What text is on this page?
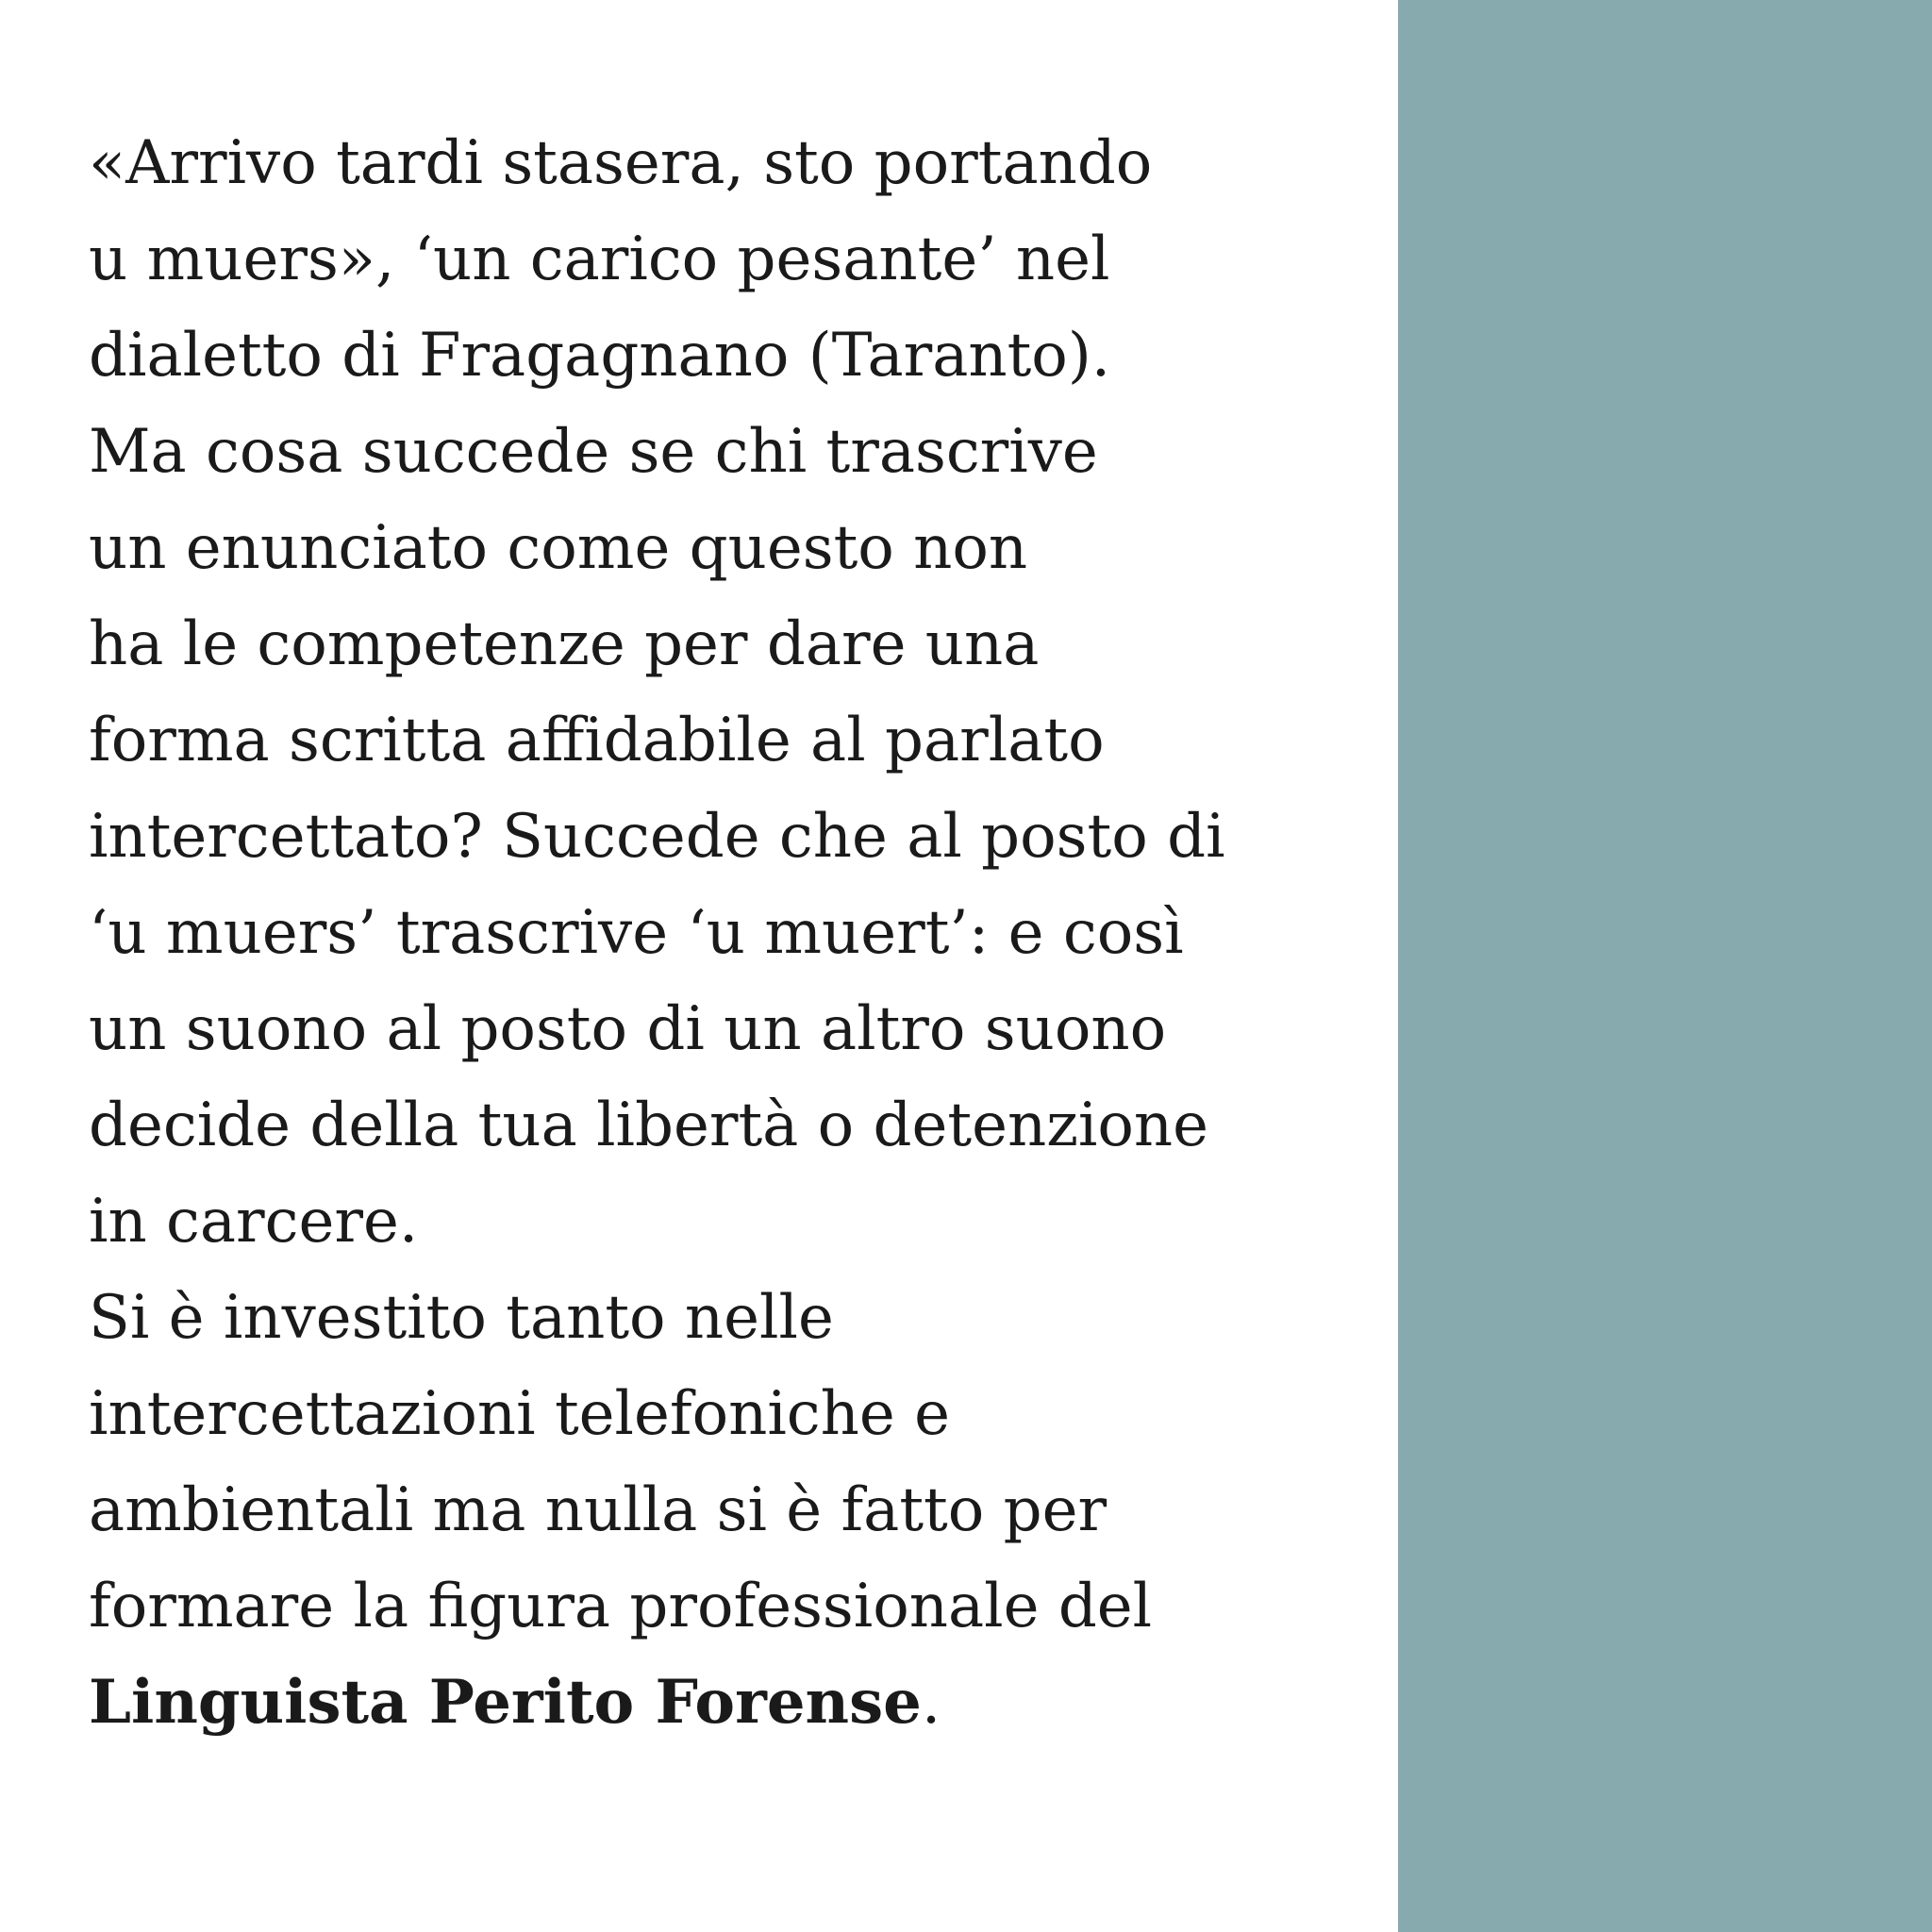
«Arrivo tardi stasera, sto portando
u muers», ‘un carico pesante’ nel
dialetto di Fragagnano (Taranto).
Ma cosa succede se chi trascrive
un enunciato come questo non
ha le competenze per dare una
forma scritta affidabile al parlato
intercettato? Succede che al posto di
‘u muers’ trascrive ‘u muert’: e così
un suono al posto di un altro suono
decide della tua libertà o detenzione
in carcere.
Si è investito tanto nelle
intercettazioni telefoniche e
ambientali ma nulla si è fatto per
formare la figura professionale del
Linguista Perito Forense.
